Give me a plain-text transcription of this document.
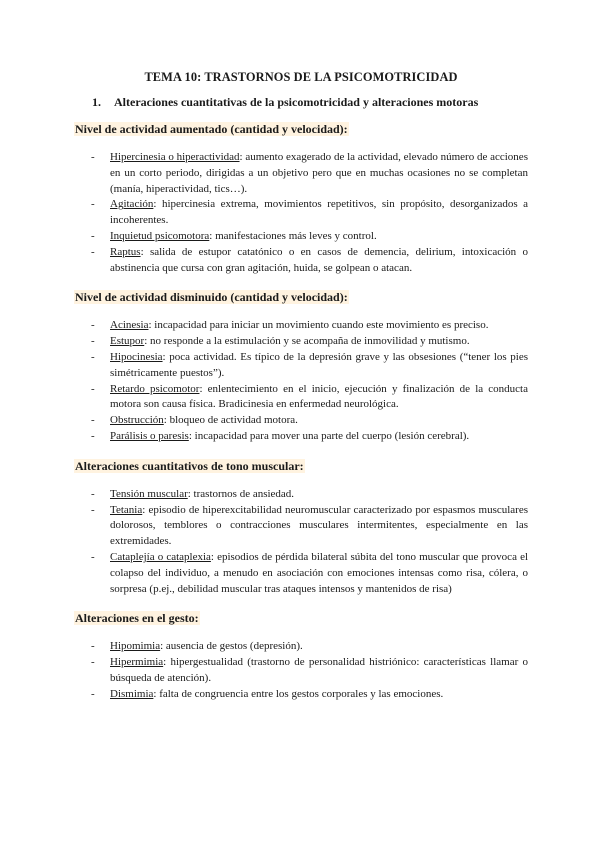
TEMA 10: TRASTORNOS DE LA PSICOMOTRICIDAD
1. Alteraciones cuantitativas de la psicomotricidad y alteraciones motoras
Nivel de actividad aumentado (cantidad y velocidad):
- Hipercinesia o hiperactividad: aumento exagerado de la actividad, elevado número de acciones en un corto periodo, dirigidas a un objetivo pero que en muchas ocasiones no se completan (manía, hiperactividad, tics…).
- Agitación: hipercinesia extrema, movimientos repetitivos, sin propósito, desorganizados a incoherentes.
- Inquietud psicomotora: manifestaciones más leves y control.
- Raptus: salida de estupor catatónico o en casos de demencia, delirium, intoxicación o abstinencia que cursa con gran agitación, huida, se golpean o atacan.
Nivel de actividad disminuido (cantidad y velocidad):
- Acinesia: incapacidad para iniciar un movimiento cuando este movimiento es preciso.
- Estupor: no responde a la estimulación y se acompaña de inmovilidad y mutismo.
- Hipocinesia: poca actividad. Es típico de la depresión grave y las obsesiones (“tener los pies simétricamente puestos”).
- Retardo psicomotor: enlentecimiento en el inicio, ejecución y finalización de la conducta motora son causa física. Bradicinesia en enfermedad neurológica.
- Obstrucción: bloqueo de actividad motora.
- Parálisis o paresis: incapacidad para mover una parte del cuerpo (lesión cerebral).
Alteraciones cuantitativos de tono muscular:
- Tensión muscular: trastornos de ansiedad.
- Tetania: episodio de hiperexcitabilidad neuromuscular caracterizado por espasmos musculares dolorosos, temblores o contracciones musculares intermitentes, especialmente en las extremidades.
- Cataplejía o cataplexia: episodios de pérdida bilateral súbita del tono muscular que provoca el colapso del individuo, a menudo en asociación con emociones intensas como risa, cólera, o sorpresa (p.ej., debilidad muscular tras ataques intensos y mantenidos de risa)
Alteraciones en el gesto:
- Hipomimia: ausencia de gestos (depresión).
- Hipermimia: hipergestualidad (trastorno de personalidad histriónico: características llamar o búsqueda de atención).
- Dismimia: falta de congruencia entre los gestos corporales y las emociones.
